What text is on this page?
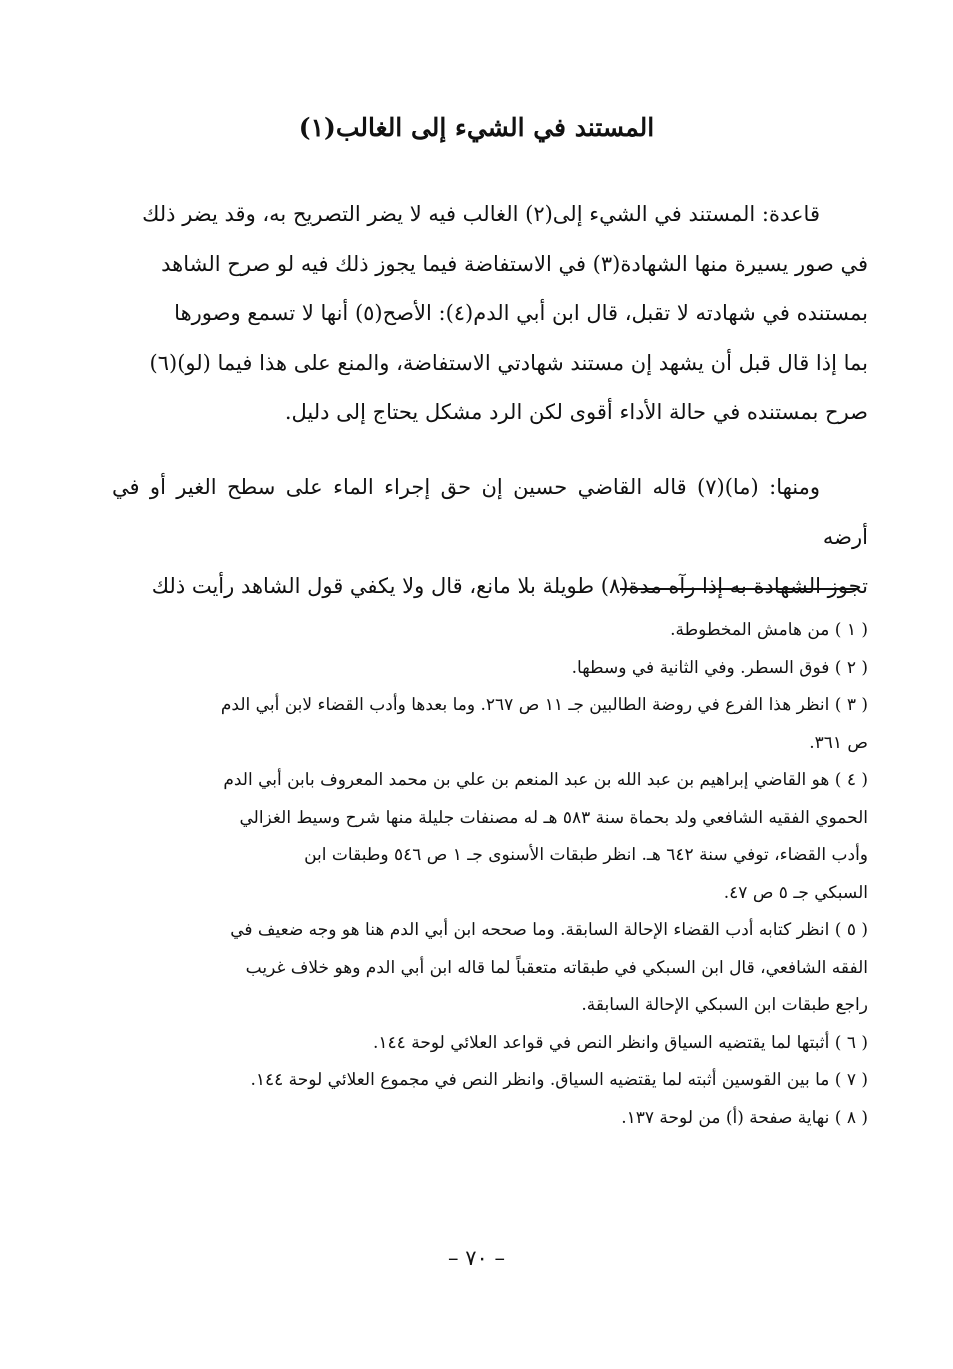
المستند في الشيء إلى الغالب(١)

قاعدة: المستند في الشيء إلى(٢) الغالب فيه لا يضر التصريح به، وقد يضر ذلك

في صور يسيرة منها الشهادة(٣) في الاستفاضة فيما يجوز ذلك فيه لو صرح الشاهد

بمستنده في شهادته لا تقبل، قال ابن أبي الدم(٤): الأصح(٥) أنها لا تسمع وصورها

بما إذا قال قبل أن يشهد إن مستند شهادتي الاستفاضة، والمنع على هذا فيما (لو)(٦)

صرح بمستنده في حالة الأداء أقوى لكن الرد مشكل يحتاج إلى دليل.

ومنها: (ما)(٧) قاله القاضي حسين إن حق إجراء الماء على سطح الغير أو في أرضه

تجوز الشهادة به إذا رآه مدة(٨) طويلة بلا مانع، قال ولا يكفي قول الشاهد رأيت ذلك

( ١ ) من هامش المخطوطة.

( ٢ ) فوق السطر. وفي الثانية في وسطها.

( ٣ ) انظر هذا الفرع في روضة الطالبين جـ ١١ ص ٢٦٧. وما بعدها وأدب القضاء لابن أبي الدم

ص ٣٦١.

( ٤ ) هو القاضي إبراهيم بن عبد الله بن عبد المنعم بن علي بن محمد المعروف بابن أبي الدم

الحموي الفقيه الشافعي ولد بحماة سنة ٥٨٣ هـ له مصنفات جليلة منها شرح وسيط الغزالي

وأدب القضاء، توفي سنة ٦٤٢ هـ. انظر طبقات الأسنوى جـ ١ ص ٥٤٦ وطبقات ابن

السبكي جـ ٥ ص ٤٧.

( ٥ ) انظر كتابه أدب القضاء الإحالة السابقة. وما صححه ابن أبي الدم هنا هو وجه ضعيف في

الفقه الشافعي، قال ابن السبكي في طبقاته متعقباً لما قاله ابن أبي الدم وهو خلاف غريب

راجع طبقات ابن السبكي الإحالة السابقة.

( ٦ ) أثبتها لما يقتضيه السياق وانظر النص في قواعد العلائي لوحة ١٤٤.

( ٧ ) ما بين القوسين أثبته لما يقتضيه السياق. وانظر النص في مجموع العلائي لوحة ١٤٤.

( ٨ ) نهاية صفحة (أ) من لوحة ١٣٧.

– ٧٠ –
